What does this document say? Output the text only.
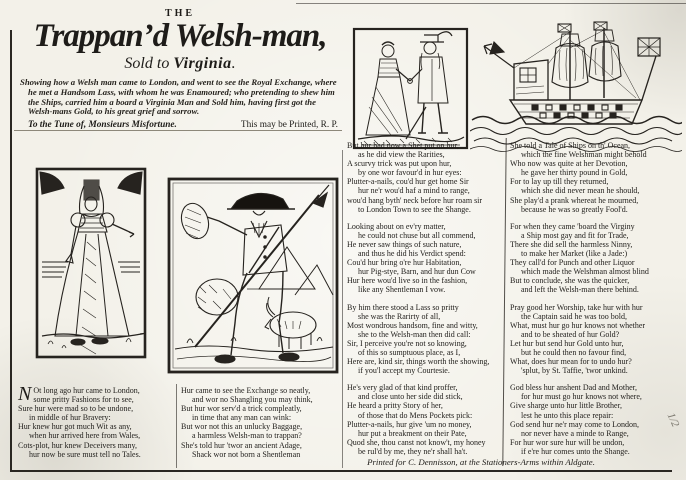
THE
Trappan’d Welsh-man,
Sold to Virginia.
Showing how a Welsh man came to London, and went to see the Royal Exchange, where he met a Handsom Lass, with whom he was Enamoured; who pretending to shew him the Ships, carried him a board a Virginia Man and Sold him, having first got the Welsh-mans Gold, to his great grief and sorrow.
To the Tune of, Monsieurs Misfortune.	This may be Printed, R. P.
N Ot long ago hur came to London,
some pritty Fashions for to see,
Sure hur were mad so to be undone,
in middle of hur Bravery:
Hur knew hur got much Wit as any,
when hur arrived here from Wales,
Cots-plot, hur knew Deceivers many,
hur now be sure must tell no Tales.
Hur came to see the Exchange so neatly,
and wor no Shangling you may think,
But hur wor serv'd a trick compleatly,
in time that any man can wink:
But wor not this an unlucky Baggage,
a harmless Welsh-man to trappan?
She's told hur 'twor an ancient Adage,
Shack wor not born a Shentleman
But hur had now a Shet put on hur,
as he did view the Rarities,
A scurvy trick was put upon hur,
by one wor favour'd in hur eyes:
Plutter-a-nails, cou'd hur get home Sir
hur ne'r wou'd haf a mind to range,
wou'd hang byth' neck before hur roam sir
to London Town to see the Shange.
Looking about on ev'ry matter,
he could not chuse but all commend,
He never saw things of such nature,
and thus he did his Verdict spend:
Cou'd hur bring o're hur Habitation,
hur Pig-stye, Barn, and hur dun Cow
Hur here wou'd live so in the fashion,
like any Shentleman I vow.
By him there stood a Lass so pritty
she was the Rarirty of all,
Most wondrous handsom, fine and witty,
she to the Welsh-man then did call:
Sir, I perceive you're not so knowing,
of this so sumptuous place, as I,
Here are, kind sir, things worth the showing,
if you'l accept my Courtesie.
He's very glad of that kind proffer,
and close unto her side did stick,
He heard a pritty Story of her,
of those that do Mens Pockets pick:
Plutter-a-nails, hur give 'um no money,
hur put a breakment on their Pate,
Quod she, thou canst not know't, my honey
be rul'd by me, they ne'r shall ha't.
She told a Tale of Ships on th' Ocean,
which the fine Welshman might behold
Who now was quite at her Devotion,
he gave her thirty pound in Gold,
For to lay up till they returned,
which she did never mean he should,
She play'd a prank whereat he mourned,
because he was so greatly Fool'd.
For when they came 'board the Virginy
a Ship most gay and fit for Trade,
There she did sell the harmless Ninny,
to make her Market (like a Jade:)
They call'd for Punch and other Liquor
which made the Welshman almost blind
But to conclude, she was the quicker,
and left the Welsh-man there behind.
Pray good her Worship, take hur with hur
the Captain said he was too bold,
What, must hur go hur knows not whether
and to be sheated of hur Gold?
Let hur but send hur Gold unto hur,
but he could then no favour find,
What, does hur mean for to undo hur?
'splut, by St. Taffie, 'twor unkind.
God bless hur anshent Dad and Mother,
for hur must go hur knows not where,
Give sharge unto hur little Brother,
lest he unto this place repair:
God send hur ne'r may come to London,
nor never have a minde to Range,
For hur wor sure hur will be undon,
if e're hur comes unto the Shange.
Printed for C. Dennisson, at the Stationers-Arms within Aldgate.
1/2
